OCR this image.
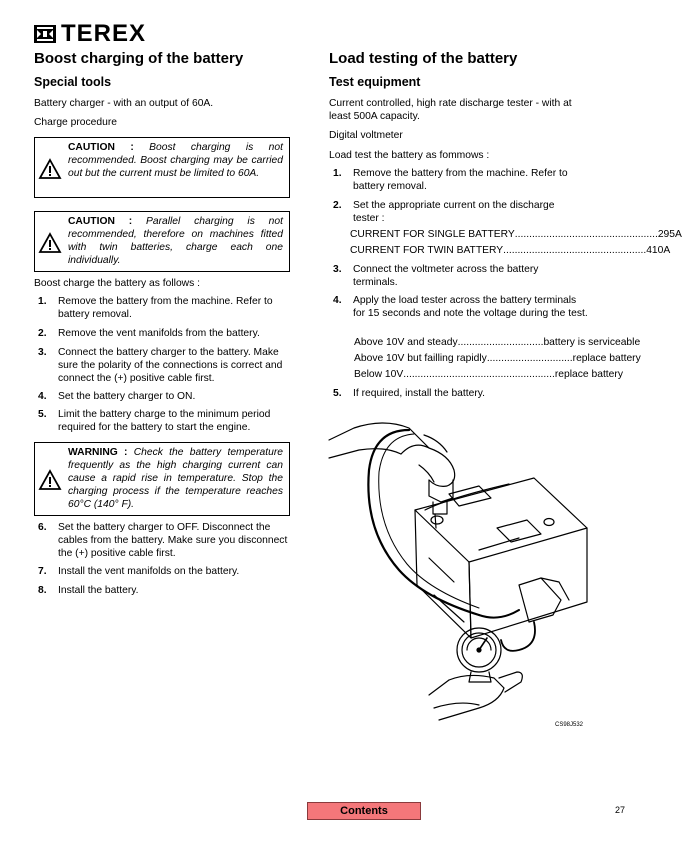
TEREX
Boost charging of the battery
Special tools

Battery charger - with an output of 60A.

Charge procedure

CAUTION : Boost charging is not recommended. Boost charging may be carried out but the current must be limited to 60A.
CAUTION : Parallel charging is not recommended, therefore on machines fitted with twin batteries, charge each one individually.

Boost charge the battery as follows :

1. Remove the battery from the machine. Refer to battery removal.
2. Remove the vent manifolds from the battery.
3. Connect the battery charger to the battery. Make sure the polarity of the connections is correct and connect the (+) positive cable first.
4. Set the battery charger to ON.
5. Limit the battery charge to the minimum period required for the battery to start the engine.
WARNING : Check the battery temperature frequently as the high charging current can cause a rapid rise in temperature. Stop the charging process if the temperature reaches 60°C (140° F).
6. Set the battery charger to OFF. Disconnect the cables from the battery. Make sure you disconnect the (+) positive cable first.
7. Install the vent manifolds on the battery.
8. Install the battery.
Load testing of the battery
Test equipment

Current controlled, high rate discharge tester - with at least 500A capacity.

Digital voltmeter

Load test the battery as fommows :

1. Remove the battery from the machine. Refer to battery removal.
2. Set the appropriate current on the discharge tester :
CURRENT FOR SINGLE BATTERY .................................................. 295A
CURRENT FOR TWIN BATTERY .................................................. 410A
3. Connect the voltmeter across the battery terminals.
4. Apply the load tester across the battery terminals for 15 seconds and note the voltage during the test.
Above 10V and steady .............................. battery is serviceable
Above 10V but failling rapidly .............................. replace battery
Below 10V ..................................................... replace battery
5. If required, install the battery.
CS98J532
Contents	27
